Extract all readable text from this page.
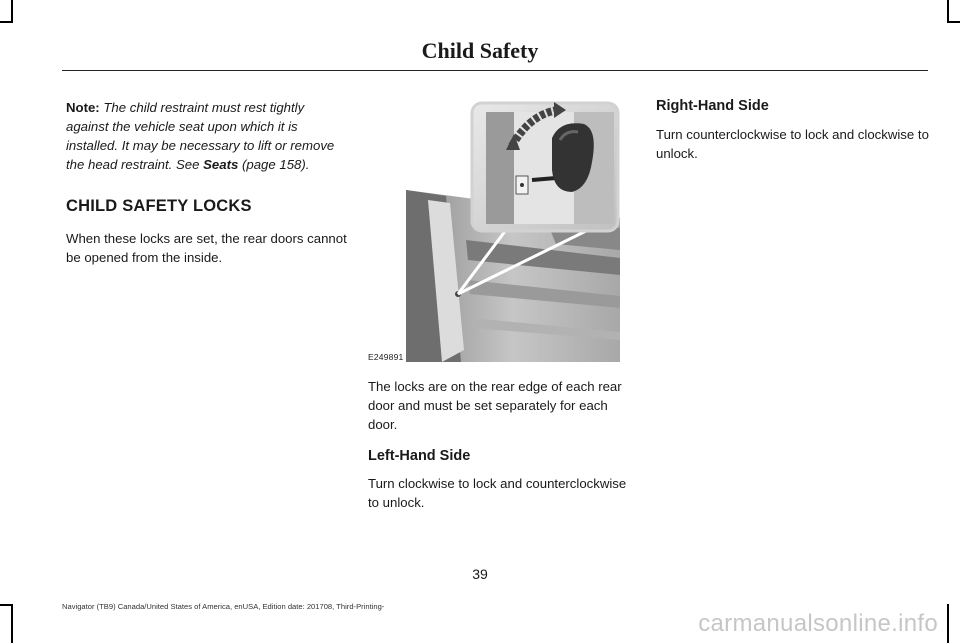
Child Safety

Note: The child restraint must rest tightly against the vehicle seat upon which it is installed. It may be necessary to lift or remove the head restraint. See Seats (page 158).

CHILD SAFETY LOCKS

When these locks are set, the rear doors cannot be opened from the inside.

E249891

The locks are on the rear edge of each rear door and must be set separately for each door.

Left-Hand Side

Turn clockwise to lock and counterclockwise to unlock.

Right-Hand Side

Turn counterclockwise to lock and clockwise to unlock.

39
Navigator (TB9) Canada/United States of America, enUSA, Edition date: 201708, Third-Printing-
carmanualsonline.info
